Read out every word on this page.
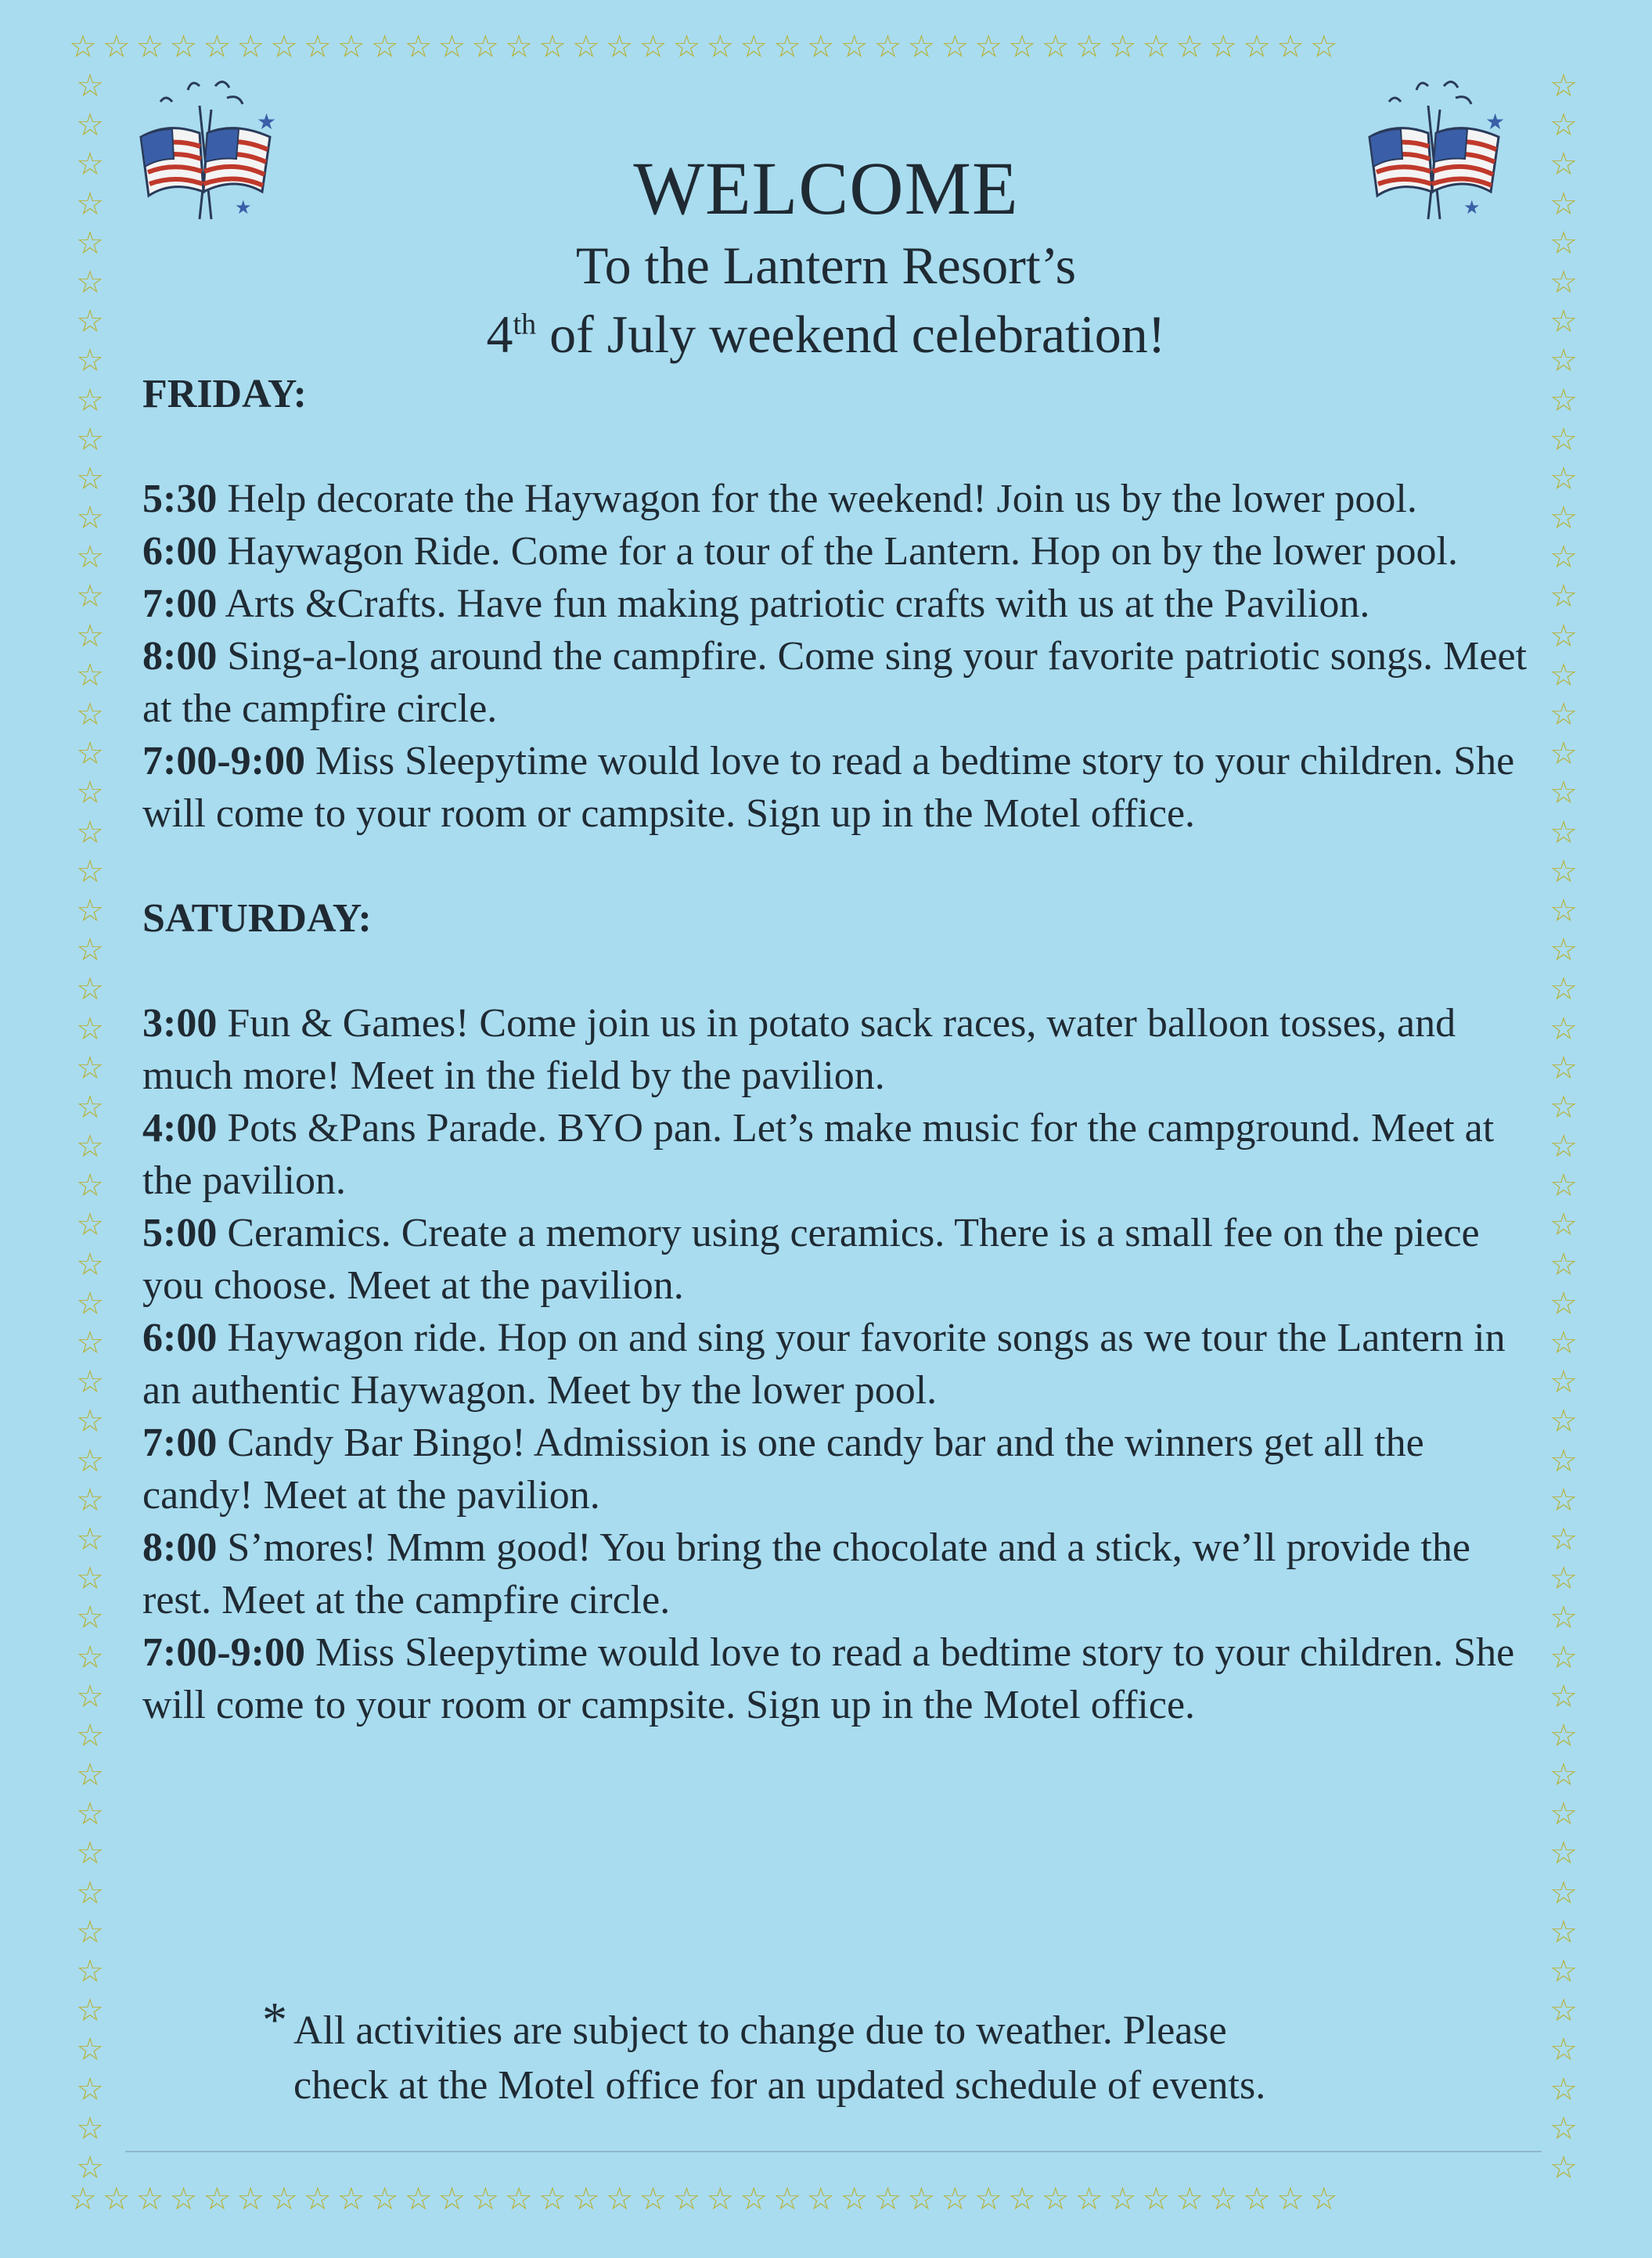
☆☆☆☆☆☆☆☆☆☆☆☆☆☆☆☆☆☆☆☆☆☆☆☆☆☆☆☆☆☆☆☆☆☆☆☆☆☆
☆☆☆☆☆☆☆☆☆☆☆☆☆☆☆☆☆☆☆☆☆☆☆☆☆☆☆☆☆☆☆☆☆☆☆☆☆☆
☆
☆
☆
☆
☆
☆
☆
☆
☆
☆
☆
☆
☆
☆
☆
☆
☆
☆
☆
☆
☆
☆
☆
☆
☆
☆
☆
☆
☆
☆
☆
☆
☆
☆
☆
☆
☆
☆
☆
☆
☆
☆
☆
☆
☆
☆
☆
☆
☆
☆
☆
☆
☆
☆
☆
☆
☆
☆
☆
☆
☆
☆
☆
☆
☆
☆
☆
☆
☆
☆
☆
☆
☆
☆
☆
☆
☆
☆
☆
☆
☆
☆
☆
☆
☆
☆
☆
☆
☆
☆
☆
☆
☆
☆
☆
☆
☆
☆
☆
☆
☆
☆
☆
☆
☆
☆
☆
☆
★
★
★
★
WELCOME
To the Lantern Resort’s
4th of July weekend celebration!
FRIDAY:

5:30 Help decorate the Haywagon for the weekend! Join us by the lower pool.

6:00 Haywagon Ride. Come for a tour of the Lantern. Hop on by the lower pool.

7:00 Arts &Crafts. Have fun making patriotic crafts with us at the Pavilion.

8:00 Sing-a-long around the campfire. Come sing your favorite patriotic songs. Meet at the campfire circle.

7:00-9:00 Miss Sleepytime would love to read a bedtime story to your children. She will come to your room or campsite. Sign up in the Motel office.

SATURDAY:

3:00 Fun & Games! Come join us in potato sack races, water balloon tosses, and much more! Meet in the field by the pavilion.

4:00 Pots &Pans Parade. BYO pan. Let’s make music for the campground. Meet at the pavilion.

5:00 Ceramics. Create a memory using ceramics. There is a small fee on the piece you choose. Meet at the pavilion.

6:00 Haywagon ride. Hop on and sing your favorite songs as we tour the Lantern in an authentic Haywagon. Meet by the lower pool.

7:00 Candy Bar Bingo! Admission is one candy bar and the winners get all the candy! Meet at the pavilion.

8:00 S’mores! Mmm good! You bring the chocolate and a stick, we’ll provide the rest. Meet at the campfire circle.

7:00-9:00 Miss Sleepytime would love to read a bedtime story to your children. She will come to your room or campsite. Sign up in the Motel office.

* All activities are subject to change due to weather. Please
check at the Motel office for an updated schedule of events.
